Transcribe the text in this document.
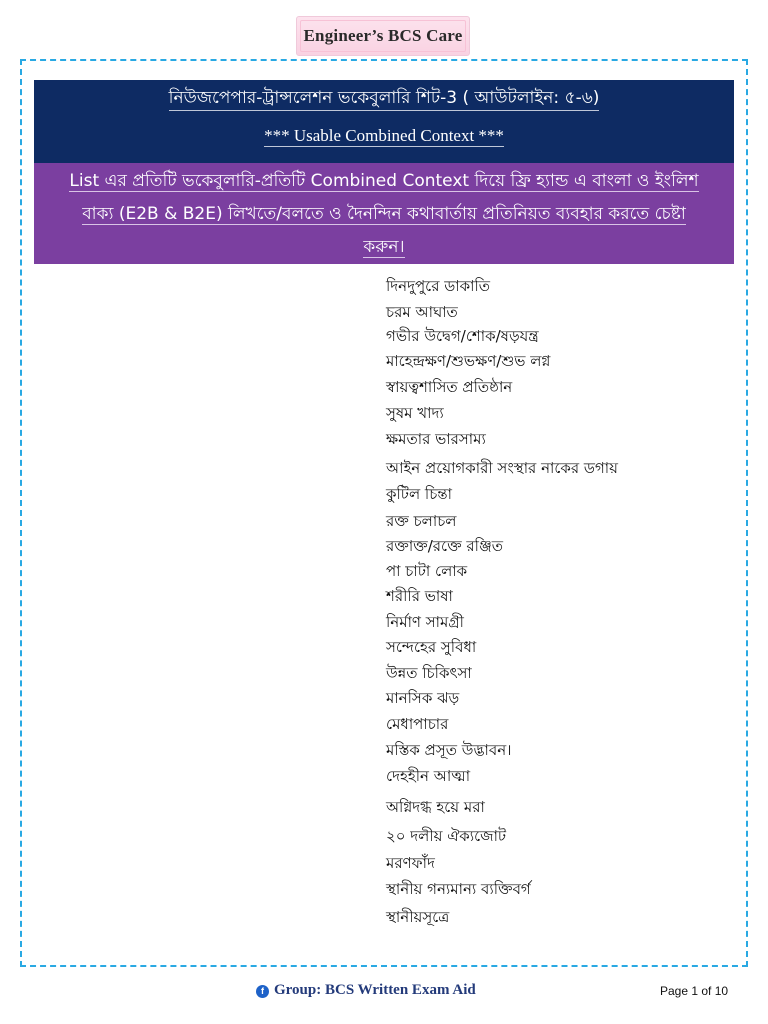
Engineer’s BCS Care
নিউজপেপার-ট্রান্সলেশন ভকেবুলারি শিট-3 ( আউটলাইন: ৫-৬)
*** Usable Combined Context ***
List এর প্রতিটি ভকেবুলারি-প্রতিটি Combined Context দিয়ে ফ্রি হ্যান্ড এ বাংলা ও ইংলিশ
বাক্য (E2B & B2E) লিখতে/বলতে ও দৈনন্দিন কথাবার্তায় প্রতিনিয়ত ব্যবহার করতে চেষ্টা
করুন।
দিনদুপুরে ডাকাতি
চরম আঘাত
গভীর উদ্বেগ/শোক/ষড়যন্ত্র
মাহেন্দ্রক্ষণ/শুভক্ষণ/শুভ লগ্ন
স্বায়ত্বশাসিত প্রতিষ্ঠান
সুষম খাদ্য
ক্ষমতার ভারসাম্য
আইন প্রয়োগকারী সংস্থার নাকের ডগায়
কুটিল চিন্তা
রক্ত চলাচল
রক্তাক্ত/রক্তে রঞ্জিত
পা চাটা লোক
শরীরি ভাষা
নির্মাণ সামগ্রী
সন্দেহের সুবিধা
উন্নত চিকিৎসা
মানসিক ঝড়
মেধাপাচার
মস্তিক প্রসূত উদ্ভাবন।
দেহহীন আত্মা
অগ্নিদগ্ধ হয়ে মরা
২০ দলীয় ঐক্যজোট
মরণফাঁদ
স্থানীয় গন্যমান্য ব্যক্তিবর্গ
স্থানীয়সূত্রে
f Group: BCS Written Exam Aid	Page 1 of 10
